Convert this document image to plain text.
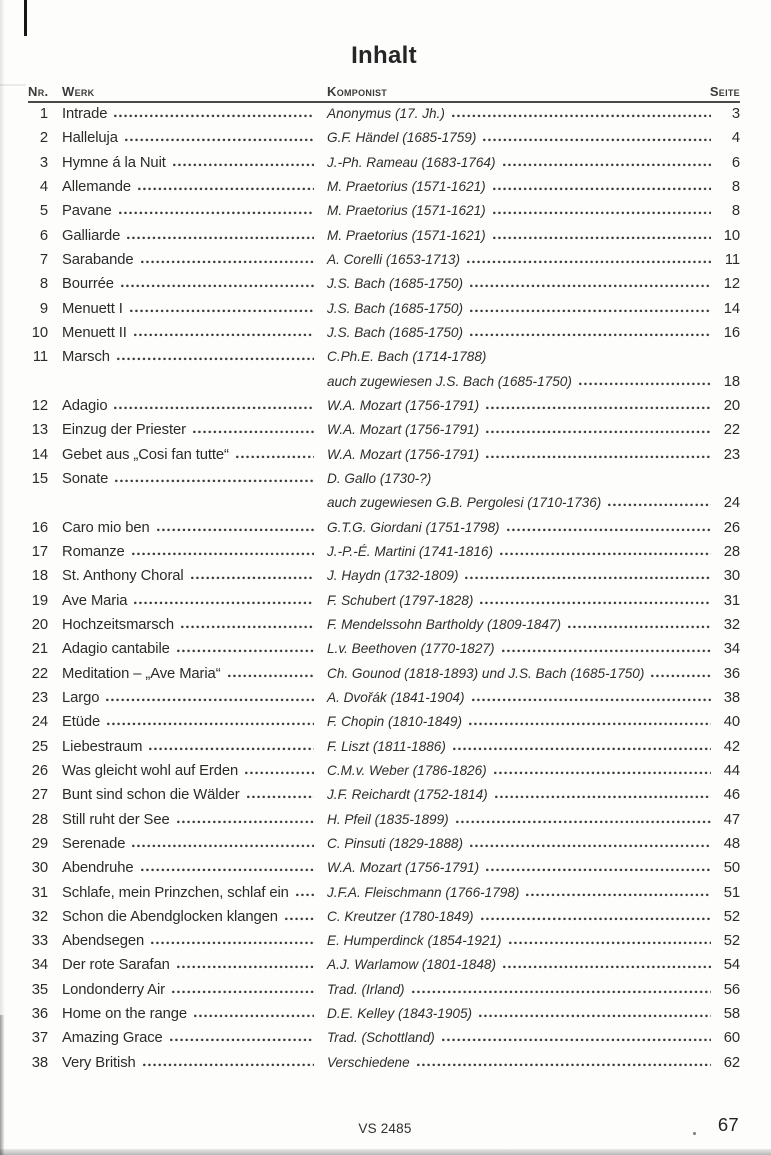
Inhalt
Nr. Werk	Komponist	Seite
1 Intrade	Anonymus (17. Jh.)	3
2 Halleluja	G.F. Händel (1685-1759)	4
3 Hymne á la Nuit	J.-Ph. Rameau (1683-1764)	6
4 Allemande	M. Praetorius (1571-1621)	8
5 Pavane	M. Praetorius (1571-1621)	8
6 Galliarde	M. Praetorius (1571-1621)	10
7 Sarabande	A. Corelli (1653-1713)	11
8 Bourrée	J.S. Bach (1685-1750)	12
9 Menuett I	J.S. Bach (1685-1750)	14
10 Menuett II	J.S. Bach (1685-1750)	16
11 Marsch	C.Ph.E. Bach (1714-1788)
auch zugewiesen J.S. Bach (1685-1750)	18
12 Adagio	W.A. Mozart (1756-1791)	20
13 Einzug der Priester	W.A. Mozart (1756-1791)	22
14 Gebet aus „Cosi fan tutte“	W.A. Mozart (1756-1791)	23
15 Sonate	D. Gallo (1730-?)
auch zugewiesen G.B. Pergolesi (1710-1736)	24
16 Caro mio ben	G.T.G. Giordani (1751-1798)	26
17 Romanze	J.-P.-É. Martini (1741-1816)	28
18 St. Anthony Choral	J. Haydn (1732-1809)	30
19 Ave Maria	F. Schubert (1797-1828)	31
20 Hochzeitsmarsch	F. Mendelssohn Bartholdy (1809-1847)	32
21 Adagio cantabile	L.v. Beethoven (1770-1827)	34
22 Meditation – „Ave Maria“	Ch. Gounod (1818-1893) und J.S. Bach (1685-1750)	36
23 Largo	A. Dvořák (1841-1904)	38
24 Etüde	F. Chopin (1810-1849)	40
25 Liebestraum	F. Liszt (1811-1886)	42
26 Was gleicht wohl auf Erden	C.M.v. Weber (1786-1826)	44
27 Bunt sind schon die Wälder	J.F. Reichardt (1752-1814)	46
28 Still ruht der See	H. Pfeil (1835-1899)	47
29 Serenade	C. Pinsuti (1829-1888)	48
30 Abendruhe	W.A. Mozart (1756-1791)	50
31 Schlafe, mein Prinzchen, schlaf ein	J.F.A. Fleischmann (1766-1798)	51
32 Schon die Abendglocken klangen	C. Kreutzer (1780-1849)	52
33 Abendsegen	E. Humperdinck (1854-1921)	52
34 Der rote Sarafan	A.J. Warlamow (1801-1848)	54
35 Londonderry Air	Trad. (Irland)	56
36 Home on the range	D.E. Kelley (1843-1905)	58
37 Amazing Grace	Trad. (Schottland)	60
38 Very British	Verschiedene	62
VS 2485	67
